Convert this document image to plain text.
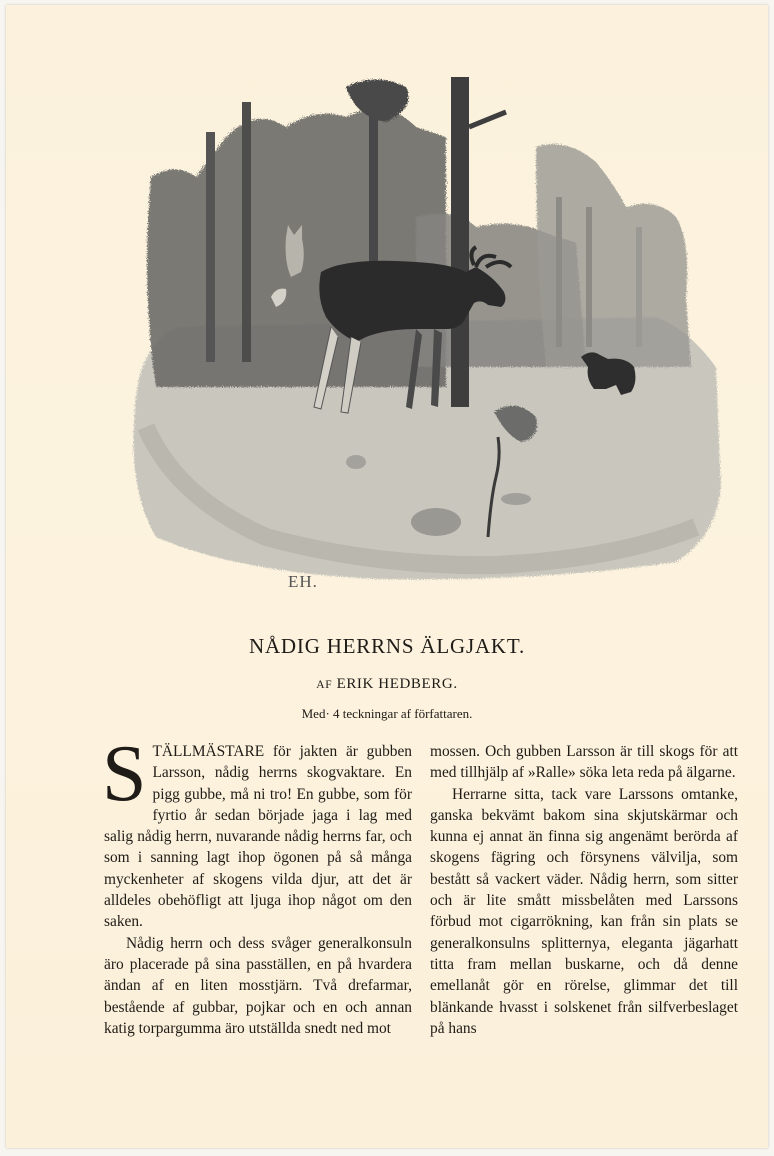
EH.
NÅDIG HERRNS ÄLGJAKT.
AF ERIK HEDBERG.
Med· 4 teckningar af författaren.

STÄLLMÄSTARE för jakten är gubben Larsson, nådig herrns skogvaktare. En pigg gubbe, må ni tro! En gubbe, som för fyrtio år sedan började jaga i lag med salig nådig herrn, nuvarande nådig herrns far, och som i sanning lagt ihop ögonen på så många myckenheter af skogens vilda djur, att det är alldeles obehöfligt att ljuga ihop något om den saken.

Nådig herrn och dess svåger generalkonsuln äro placerade på sina pasställen, en på hvardera ändan af en liten mosstjärn. Två drefarmar, bestående af gubbar, pojkar och en och annan katig torpargumma äro utställda snedt ned mot

mossen. Och gubben Larsson är till skogs för att med tillhjälp af »Ralle» söka leta reda på älgarne.

Herrarne sitta, tack vare Larssons omtanke, ganska bekvämt bakom sina skjutskärmar och kunna ej annat än finna sig angenämt berörda af skogens fägring och försynens välvilja, som bestått så vackert väder. Nådig herrn, som sitter och är lite smått missbelåten med Larssons förbud mot cigarrökning, kan från sin plats se generalkonsulns splitternya, eleganta jägarhatt titta fram mellan buskarne, och då denne emellanåt gör en rörelse, glimmar det till blänkande hvasst i solskenet från silfverbeslaget på hans
